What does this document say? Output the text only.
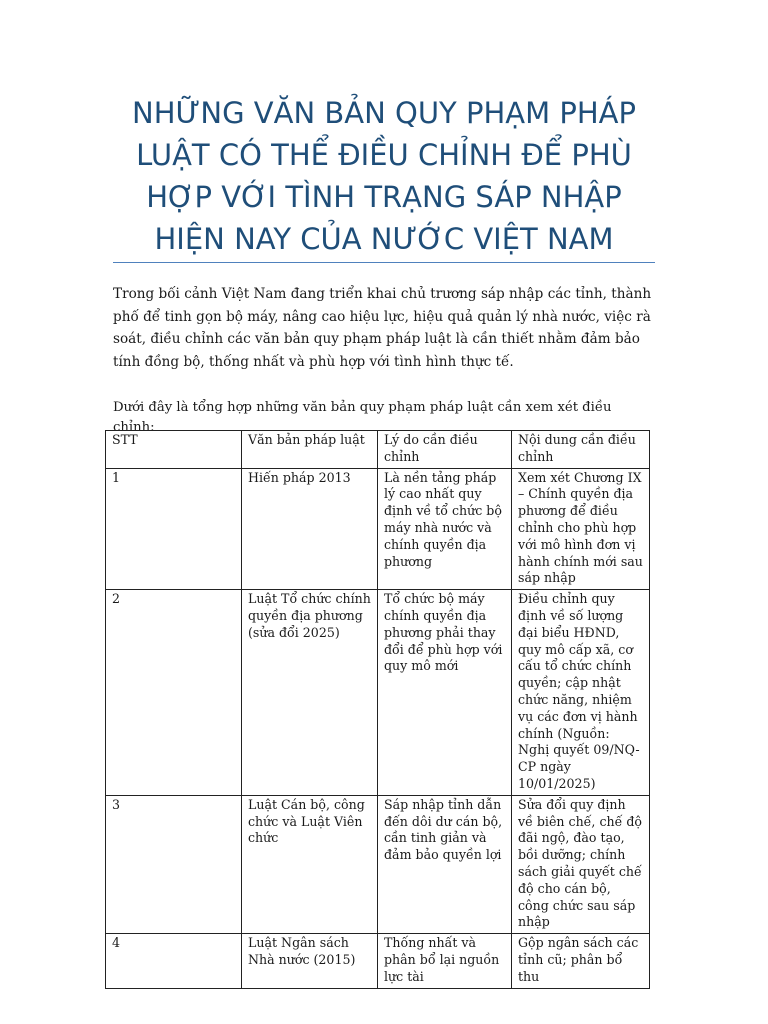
NHỮNG VĂN BẢN QUY PHẠM PHÁP LUẬT CÓ THỂ ĐIỀU CHỈNH ĐỂ PHÙ HỢP VỚI TÌNH TRẠNG SÁP NHẬP HIỆN NAY CỦA NƯỚC VIỆT NAM

Trong bối cảnh Việt Nam đang triển khai chủ trương sáp nhập các tỉnh, thành phố để tinh gọn bộ máy, nâng cao hiệu lực, hiệu quả quản lý nhà nước, việc rà soát, điều chỉnh các văn bản quy phạm pháp luật là cần thiết nhằm đảm bảo tính đồng bộ, thống nhất và phù hợp với tình hình thực tế.

Dưới đây là tổng hợp những văn bản quy phạm pháp luật cần xem xét điều chỉnh:

STT	Văn bản pháp luật	Lý do cần điều chỉnh	Nội dung cần điều chỉnh
1	Hiến pháp 2013	Là nền tảng pháp lý cao nhất quy định về tổ chức bộ máy nhà nước và chính quyền địa phương	Xem xét Chương IX – Chính quyền địa phương để điều chỉnh cho phù hợp với mô hình đơn vị hành chính mới sau sáp nhập
2	Luật Tổ chức chính quyền địa phương (sửa đổi 2025)	Tổ chức bộ máy chính quyền địa phương phải thay đổi để phù hợp với quy mô mới	Điều chỉnh quy định về số lượng đại biểu HĐND, quy mô cấp xã, cơ cấu tổ chức chính quyền; cập nhật chức năng, nhiệm vụ các đơn vị hành chính (Nguồn: Nghị quyết 09/NQ-CP ngày 10/01/2025)
3	Luật Cán bộ, công chức và Luật Viên chức	Sáp nhập tỉnh dẫn đến dôi dư cán bộ, cần tinh giản và đảm bảo quyền lợi	Sửa đổi quy định về biên chế, chế độ đãi ngộ, đào tạo, bồi dưỡng; chính sách giải quyết chế độ cho cán bộ, công chức sau sáp nhập
4	Luật Ngân sách Nhà nước (2015)	Thống nhất và phân bổ lại nguồn lực tài	Gộp ngân sách các tỉnh cũ; phân bổ thu
